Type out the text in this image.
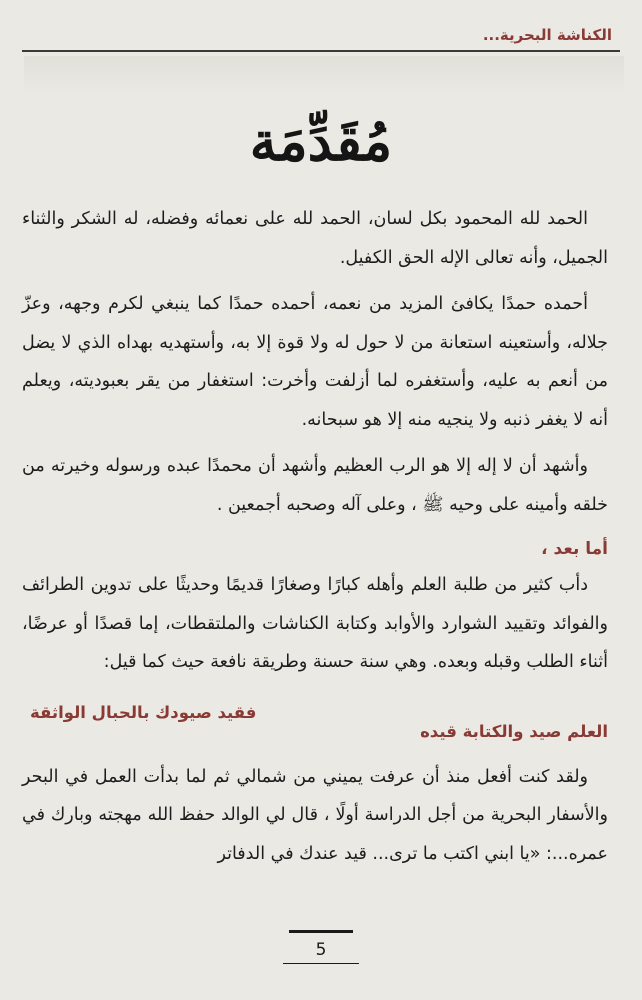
الكناشة البحرية...
مُقَدِّمَة

الحمد لله المحمود بكل لسان، الحمد لله على نعمائه وفضله، له الشكر والثناء الجميل، وأنه تعالى الإله الحق الكفيل.

أحمده حمدًا يكافئ المزيد من نعمه، أحمده حمدًا كما ينبغي لكرم وجهه، وعزّ جلاله، وأستعينه استعانة من لا حول له ولا قوة إلا به، وأستهديه بهداه الذي لا يضل من أنعم به عليه، وأستغفره لما أزلفت وأخرت: استغفار من يقر بعبوديته، ويعلم أنه لا يغفر ذنبه ولا ينجيه منه إلا هو سبحانه.

وأشهد أن لا إله إلا هو الرب العظيم وأشهد أن محمدًا عبده ورسوله وخيرته من خلقه وأمينه على وحيه ﷺ ، وعلى آله وصحبه أجمعين .

أما بعد ،

دأب كثير من طلبة العلم وأهله كبارًا وصغارًا قديمًا وحديثًا على تدوين الطرائف والفوائد وتقييد الشوارد والأوابد وكتابة الكناشات والملتقطات، إما قصدًا أو عرضًا، أثناء الطلب وقبله وبعده. وهي سنة حسنة وطريقة نافعة حيث كما قيل:

العلم صيد والكتابة قيده
فقيد صيودك بالحبال الواثقة

ولقد كنت أفعل منذ أن عرفت يميني من شمالي ثم لما بدأت العمل في البحر والأسفار البحرية من أجل الدراسة أولًا ، قال لي الوالد حفظ الله مهجته وبارك في عمره...: «يا ابني اكتب ما ترى... قيد عندك في الدفاتر

5
